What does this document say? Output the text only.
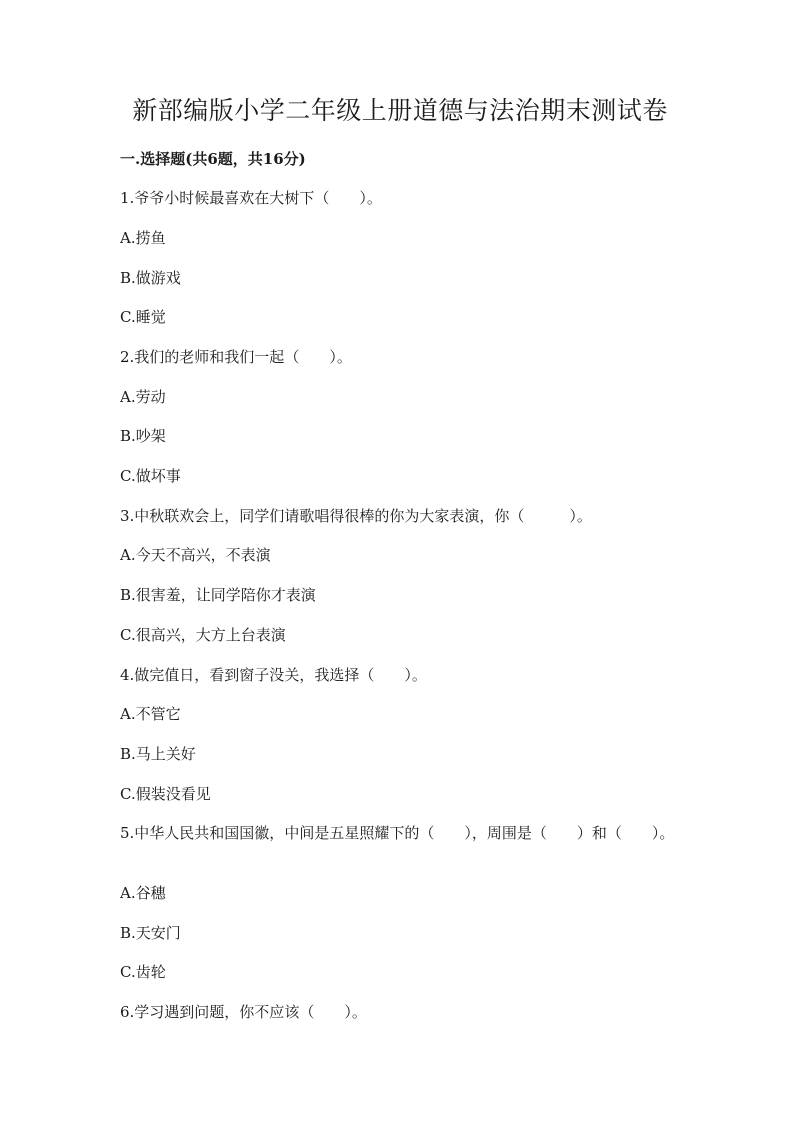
新部编版小学二年级上册道德与法治期末测试卷
一.选择题(共6题，共16分)
1.爷爷小时候最喜欢在大树下（　　）。
A.捞鱼
B.做游戏
C.睡觉
2.我们的老师和我们一起（　　）。
A.劳动
B.吵架
C.做坏事
3.中秋联欢会上，同学们请歌唱得很棒的你为大家表演，你（　　　）。
A.今天不高兴，不表演
B.很害羞，让同学陪你才表演
C.很高兴，大方上台表演
4.做完值日，看到窗子没关，我选择（　　）。
A.不管它
B.马上关好
C.假装没看见
5.中华人民共和国国徽，中间是五星照耀下的（　　），周围是（　　）和（　　）。
A.谷穗
B.天安门
C.齿轮
6.学习遇到问题，你不应该（　　）。
